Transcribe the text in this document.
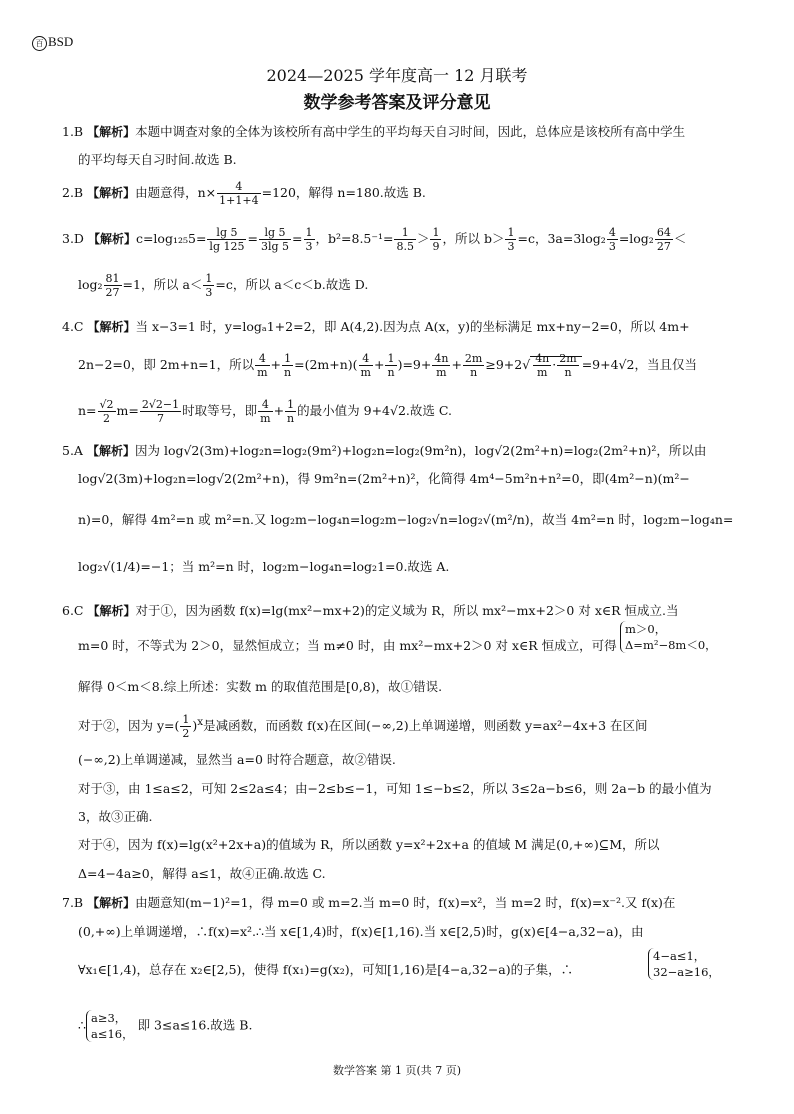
百 BSD
2024—2025 学年度高一 12 月联考
数学参考答案及评分意见
1.B 【解析】本题中调查对象的全体为该校所有高中学生的平均每天自习时间，因此，总体应是该校所有高中学生
的平均每天自习时间.故选 B.
2.B 【解析】由题意得，$n\times \frac{4}{1+1+4} =120$，解得 n=180.故选 B.
3.D 【解析】$c=\log_{125}5= \frac{\lg 5}{\lg 125} = \frac{\lg 5}{3\lg 5} = \frac{1}{3}$ ，$b^2=8.5^{-1}= \frac{1}{8.5} > \frac{1}{9}$ ，所以 $b> \frac{1}{3} =c$，$3a=3\log_2 \frac{4}{3} =\log_2 \frac{64}{27}$ ＜
$\log_2 \frac{81}{27} =1$，所以 $a< \frac{1}{3} =c$，所以 a＜c＜b.故选 D.
4.C 【解析】当 x−3=1 时，y=logₐ1+2=2，即 A(4,2).因为点 A(x，y)的坐标满足 mx+ny−2=0，所以 4m+
2n−2=0，即 2m+n=1，所以 $\frac{4}{m} + \frac{1}{n} =(2m+n)( \frac{4}{m} + \frac{1}{n} )=9+ \frac{4n}{m} + \frac{2m}{n} \ge 9+2√ \frac{4n}{m} \cdot \frac{2m}{n} =9+4√2$，当且仅当
$n= \frac{√2}{2} m= \frac{2√2-1}{7}$ 时取等号，即 $\frac{4}{m} + \frac{1}{n}$ 的最小值为 9+4√2.故选 C.
5.A 【解析】因为 log√2(3m)+log₂n=log₂(9m²)+log₂n=log₂(9m²n)，log√2(2m²+n)=log₂(2m²+n)²，所以由
log√2(3m)+log₂n=log√2(2m²+n)，得 9m²n=(2m²+n)²，化简得 4m⁴−5m²n+n²=0，即(4m²−n)(m²−
n)=0，解得 4m²=n 或 m²=n.又 log₂m−log₄n=log₂m−log₂√n=log₂√(m²/n)，故当 4m²=n 时，log₂m−log₄n=
log₂√(1/4)=−1；当 m²=n 时，log₂m−log₄n=log₂1=0.故选 A.
6.C 【解析】对于①，因为函数 f(x)=lg(mx²−mx+2)的定义域为 R，所以 mx²−mx+2＞0 对 x∈R 恒成立.当
m=0 时，不等式为 2＞0，显然恒成立；当 m≠0 时，由 mx²−mx+2＞0 对 x∈R 恒成立，可得
m＞0，
Δ=m²−8m＜0，
解得 0＜m＜8.综上所述：实数 m 的取值范围是[0,8)，故①错误.
对于②，因为 $y=( \frac{1}{2} )^x$是减函数，而函数 f(x)在区间(−∞,2)上单调递增，则函数 y=ax²−4x+3 在区间
(−∞,2)上单调递减，显然当 a=0 时符合题意，故②错误.
对于③，由 1≤a≤2，可知 2≤2a≤4；由−2≤b≤−1，可知 1≤−b≤2，所以 3≤2a−b≤6，则 2a−b 的最小值为
3，故③正确.
对于④，因为 f(x)=lg(x²+2x+a)的值域为 R，所以函数 y=x²+2x+a 的值域 M 满足(0,+∞)⊆M，所以
Δ=4−4a≥0，解得 a≤1，故④正确.故选 C.
7.B 【解析】由题意知(m−1)²=1，得 m=0 或 m=2.当 m=0 时，f(x)=x²，当 m=2 时，f(x)=x⁻².又 f(x)在
(0,+∞)上单调递增，∴f(x)=x².∴当 x∈[1,4)时，f(x)∈[1,16).当 x∈[2,5)时，g(x)∈[4−a,32−a)，由
∀x₁∈[1,4)，总存在 x₂∈[2,5)，使得 f(x₁)=g(x₂)，可知[1,16)是[4−a,32−a)的子集，∴
4−a≤1，
32−a≥16，
∴ a≥3，
a≤16，
即 3≤a≤16.故选 B.
数学答案 第 1 页(共 7 页)
